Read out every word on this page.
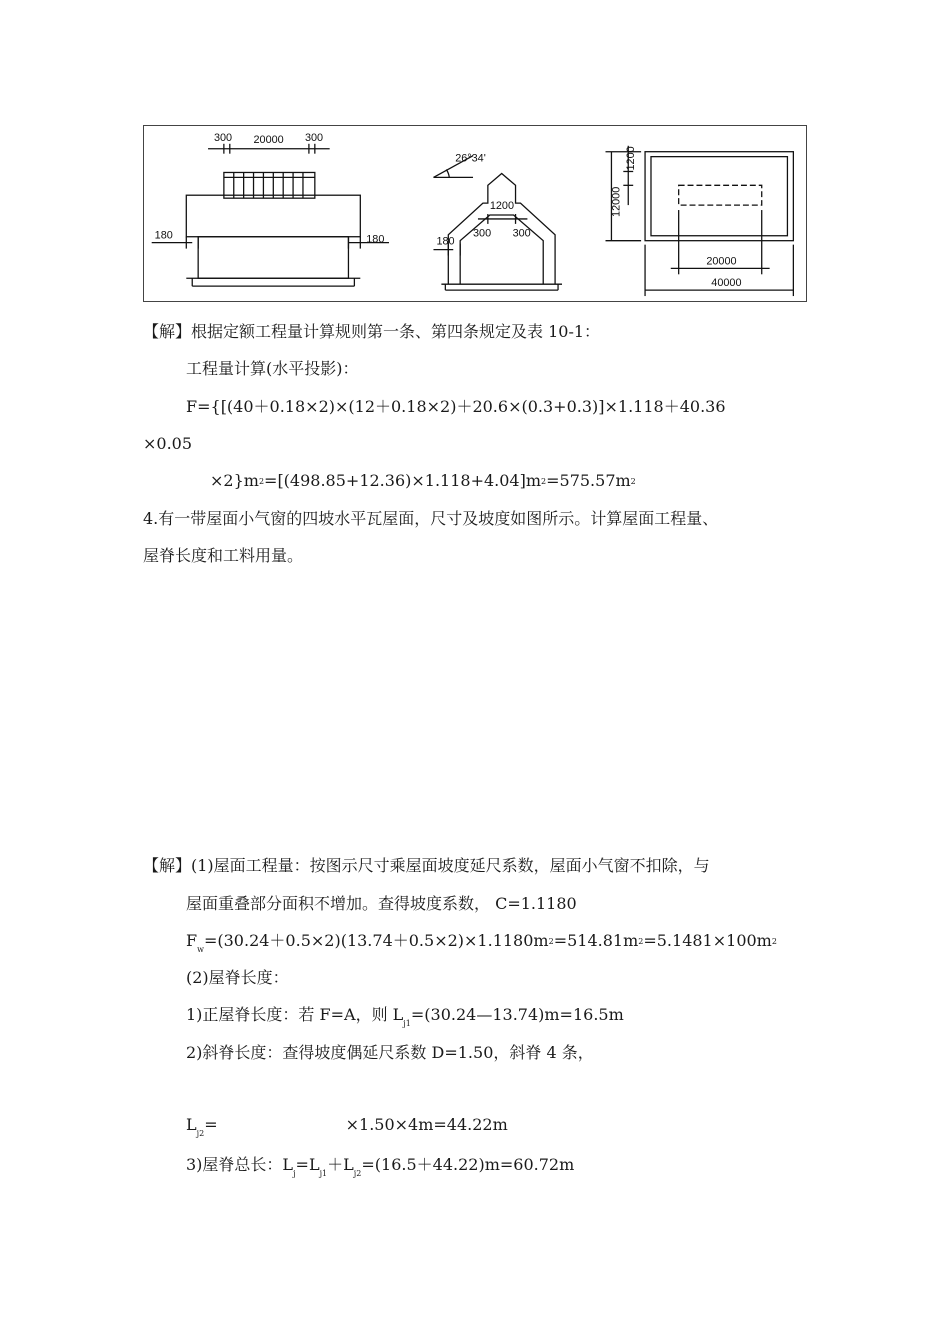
300 20000 300
180	180
26°34'
1200
300 300
180
12000
1200
20000
40000
【解】根据定额工程量计算规则第一条、第四条规定及表 10-1：
工程量计算(水平投影)：
F={[(40＋0.18×2)×(12＋0.18×2)＋20.6×(0.3+0.3)]×1.118＋40.36
×0.05
$\times 2\}m^2=[(498.85+12.36)\times 1.118+4.04]m^2=575.57m^2$
4.有一带屋面小气窗的四坡水平瓦屋面，尺寸及坡度如图所示。计算屋面工程量、
屋脊长度和工料用量。
【解】(1)屋面工程量：按图示尺寸乘屋面坡度延尺系数，屋面小气窗不扣除，与
屋面重叠部分面积不增加。查得坡度系数， C=1.1180
$F_w=(30.24+0.5\times 2)(13.74+0.5\times 2)\times 1.1180m^2=514.81m^2=5.1481\times 100m^2$
(2)屋脊长度：
1)正屋脊长度：若 F=A，则 $L_{j1}=(30.24—13.74)m=16.5m$
2)斜脊长度：查得坡度偶延尺系数 D=1.50，斜脊 4 条，
$L_{j2}=$	×1.50×4m=44.22m
3)屋脊总长：$L_j=L_{j1}+L_{j2}=(16.5+44.22)m=60.72m$
